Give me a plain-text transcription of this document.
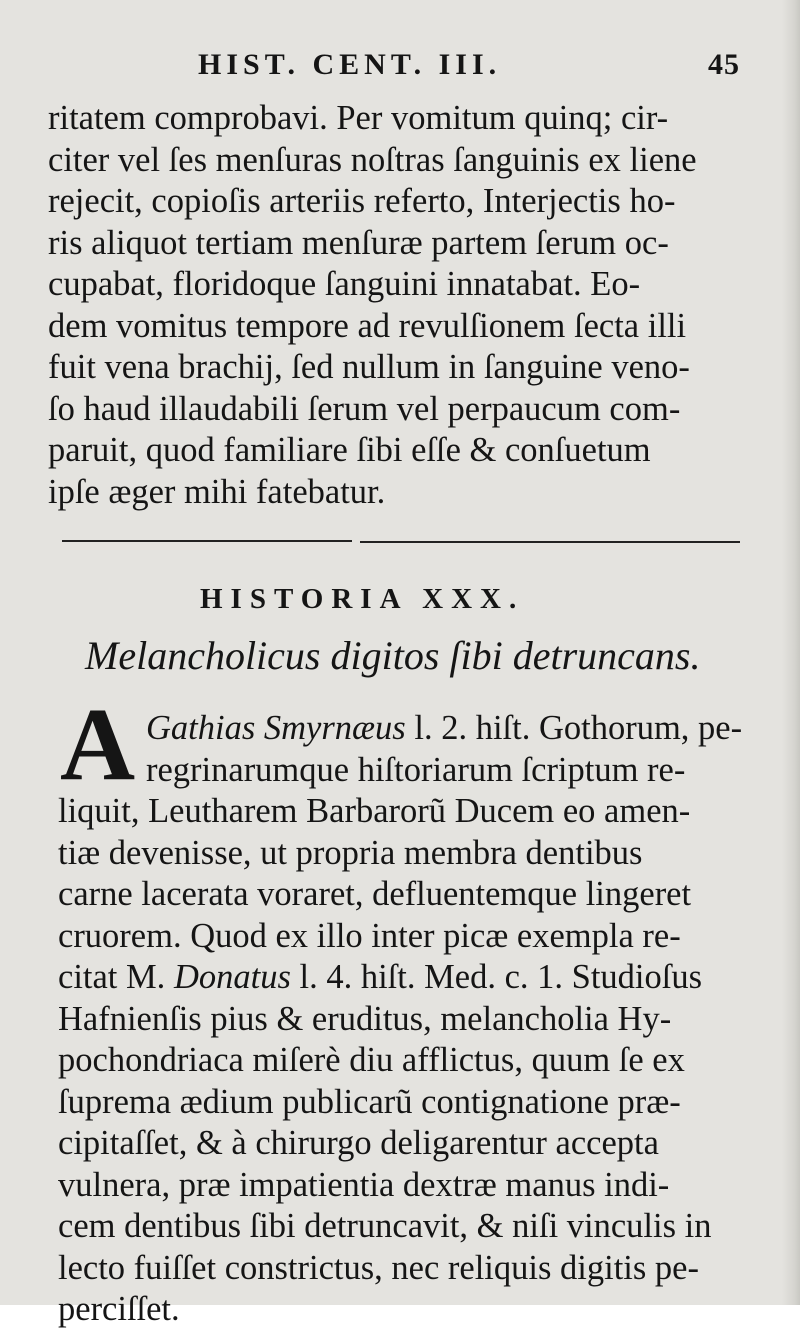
HIST. CENT. III.	45
ritatem comprobavi. Per vomitum quinq; cir-
citer vel ſes menſuras noſtras ſanguinis ex liene
rejecit, copioſis arteriis referto, Interjectis ho-
ris aliquot tertiam menſuræ partem ſerum oc-
cupabat, floridoque ſanguini innatabat. Eo-
dem vomitus tempore ad revulſionem ſecta illi
fuit vena brachij, ſed nullum in ſanguine veno-
ſo haud illaudabili ſerum vel perpaucum com-
paruit, quod familiare ſibi eſſe & conſuetum
ipſe æger mihi fatebatur.
HISTORIA XXX.
Melancholicus digitos ſibi detruncans.
A Gathias Smyrnæus l. 2. hiſt. Gothorum, pe-
regrinarumque hiſtoriarum ſcriptum re-
liquit, Leutharem Barbarorũ Ducem eo amen-
tiæ devenisse, ut propria membra dentibus
carne lacerata voraret, defluentemque lingeret
cruorem. Quod ex illo inter picæ exempla re-
citat M. Donatus l. 4. hiſt. Med. c. 1. Studioſus
Hafnienſis pius & eruditus, melancholia Hy-
pochondriaca miſerè diu afflictus, quum ſe ex
ſuprema ædium publicarũ contignatione præ-
cipitaſſet, & à chirurgo deligarentur accepta
vulnera, præ impatientia dextræ manus indi-
cem dentibus ſibi detruncavit, & niſi vinculis in
lecto fuiſſet constrictus, nec reliquis digitis pe-
perciſſet.
